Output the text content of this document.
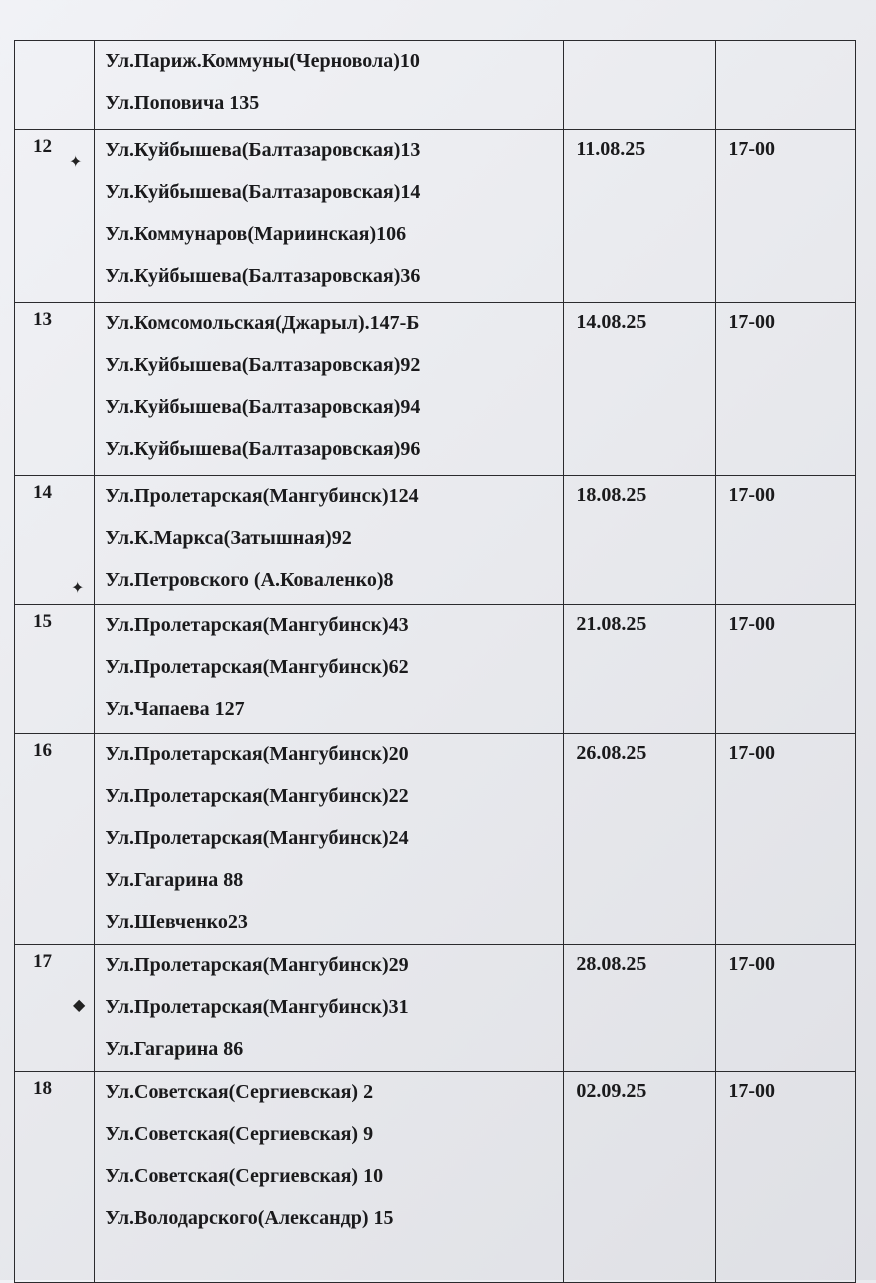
	Ул.Париж.Коммуны(Черновола)10
Ул.Поповича 135		

12
✦	Ул.Куйбышева(Балтазаровская)13
Ул.Куйбышева(Балтазаровская)14
Ул.Коммунаров(Мариинская)106
Ул.Куйбышева(Балтазаровская)36	11.08.25	17-00

13	Ул.Комсомольская(Джарыл).147-Б
Ул.Куйбышева(Балтазаровская)92
Ул.Куйбышева(Балтазаровская)94
Ул.Куйбышева(Балтазаровская)96	14.08.25	17-00

14
✦	Ул.Пролетарская(Мангубинск)124
Ул.К.Маркса(Затышная)92
Ул.Петровского (А.Коваленко)8	18.08.25	17-00

15	Ул.Пролетарская(Мангубинск)43
Ул.Пролетарская(Мангубинск)62
Ул.Чапаева 127	21.08.25	17-00

16	Ул.Пролетарская(Мангубинск)20
Ул.Пролетарская(Мангубинск)22
Ул.Пролетарская(Мангубинск)24
Ул.Гагарина 88
Ул.Шевченко23	26.08.25	17-00

17
◆	Ул.Пролетарская(Мангубинск)29
Ул.Пролетарская(Мангубинск)31
Ул.Гагарина 86	28.08.25	17-00

18	Ул.Советская(Сергиевская) 2
Ул.Советская(Сергиевская) 9
Ул.Советская(Сергиевская) 10
Ул.Володарского(Александр) 15	02.09.25	17-00
